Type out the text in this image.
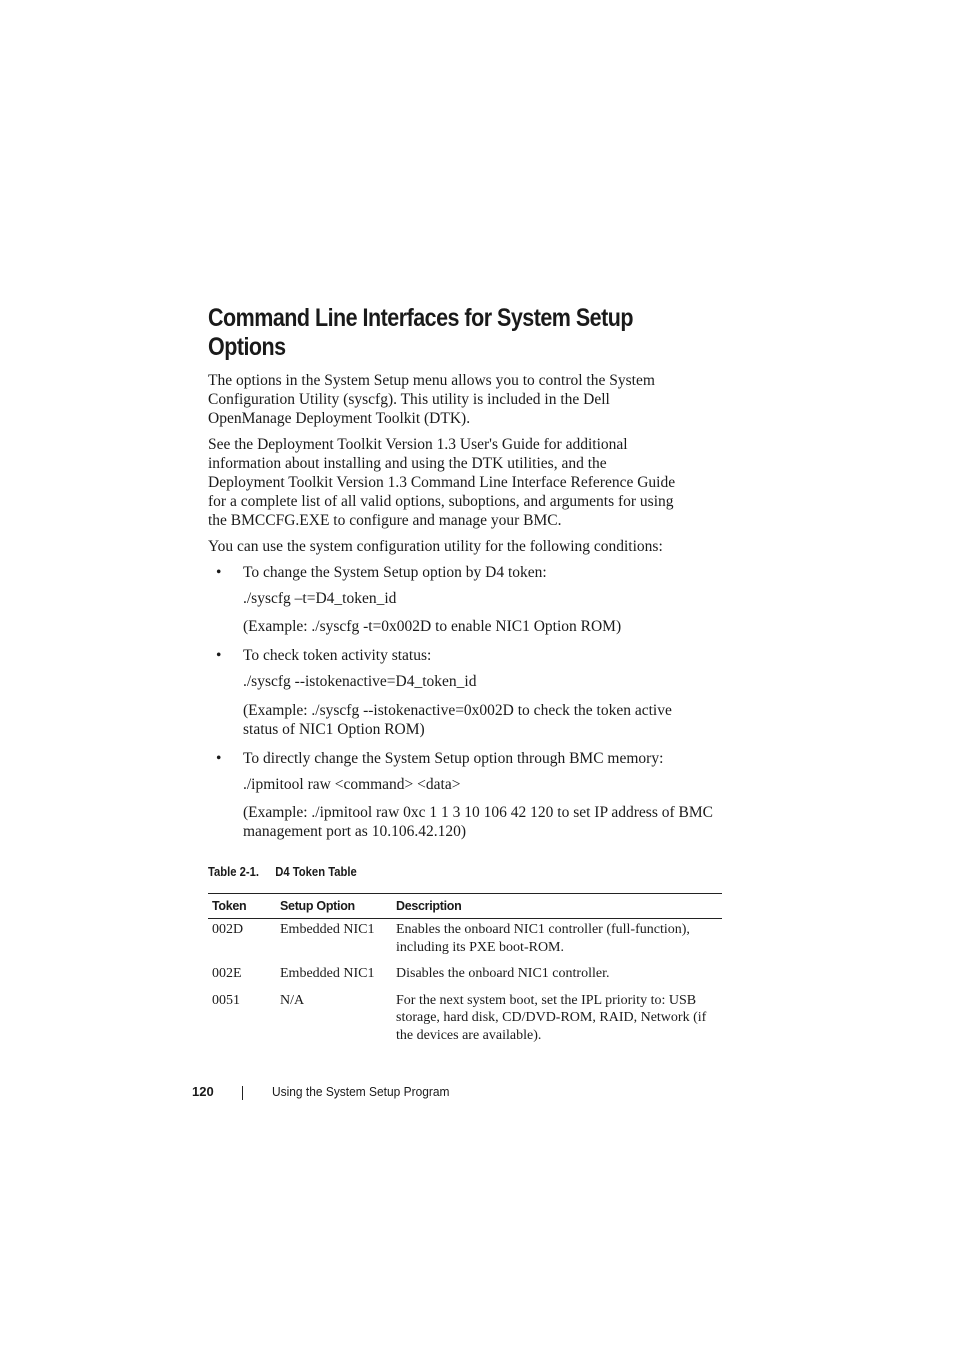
Command Line Interfaces for System Setup
Options

The options in the System Setup menu allows you to control the System
Configuration Utility (syscfg). This utility is included in the Dell
OpenManage Deployment Toolkit (DTK).

See the Deployment Toolkit Version 1.3 User's Guide for additional
information about installing and using the DTK utilities, and the
Deployment Toolkit Version 1.3 Command Line Interface Reference Guide
for a complete list of all valid options, suboptions, and arguments for using
the BMCCFG.EXE to configure and manage your BMC.

You can use the system configuration utility for the following conditions:

• To change the System Setup option by D4 token:

./syscfg –t=D4_token_id

(Example: ./syscfg -t=0x002D to enable NIC1 Option ROM)

• To check token activity status:

./syscfg --istokenactive=D4_token_id

(Example: ./syscfg --istokenactive=0x002D to check the token active
status of NIC1 Option ROM)

• To directly change the System Setup option through BMC memory:

./ipmitool raw <command> <data>

(Example: ./ipmitool raw 0xc 1 1 3 10 106 42 120 to set IP address of BMC
management port as 10.106.42.120)

Table 2-1. D4 Token Table
Token	Setup Option	Description
002D	Embedded NIC1	Enables the onboard NIC1 controller (full-function),
including its PXE boot-ROM.
002E	Embedded NIC1	Disables the onboard NIC1 controller.
0051	N/A	For the next system boot, set the IPL priority to: USB
storage, hard disk, CD/DVD-ROM, RAID, Network (if
the devices are available).
120	Using the System Setup Program
